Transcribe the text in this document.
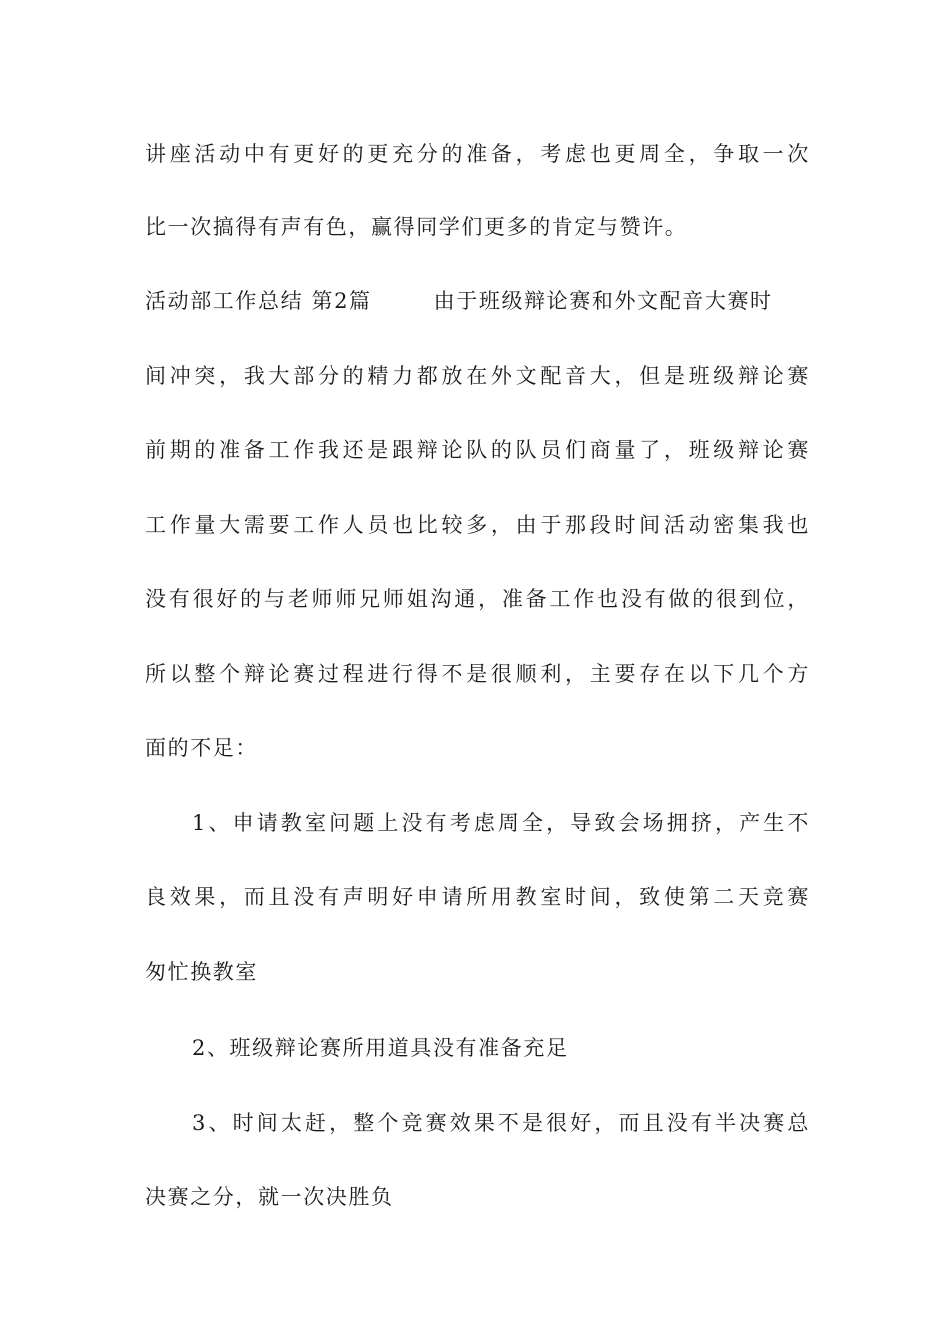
讲座活动中有更好的更充分的准备，考虑也更周全，争取一次
比一次搞得有声有色，赢得同学们更多的肯定与赞许。
活动部工作总结 第2篇	由于班级辩论赛和外文配音大赛时
间冲突，我大部分的精力都放在外文配音大，但是班级辩论赛
前期的准备工作我还是跟辩论队的队员们商量了，班级辩论赛
工作量大需要工作人员也比较多，由于那段时间活动密集我也
没有很好的与老师师兄师姐沟通，准备工作也没有做的很到位，
所以整个辩论赛过程进行得不是很顺利，主要存在以下几个方
面的不足：
1、申请教室问题上没有考虑周全，导致会场拥挤，产生不
良效果，而且没有声明好申请所用教室时间，致使第二天竞赛
匆忙换教室
2、班级辩论赛所用道具没有准备充足
3、时间太赶，整个竞赛效果不是很好，而且没有半决赛总
决赛之分，就一次决胜负
